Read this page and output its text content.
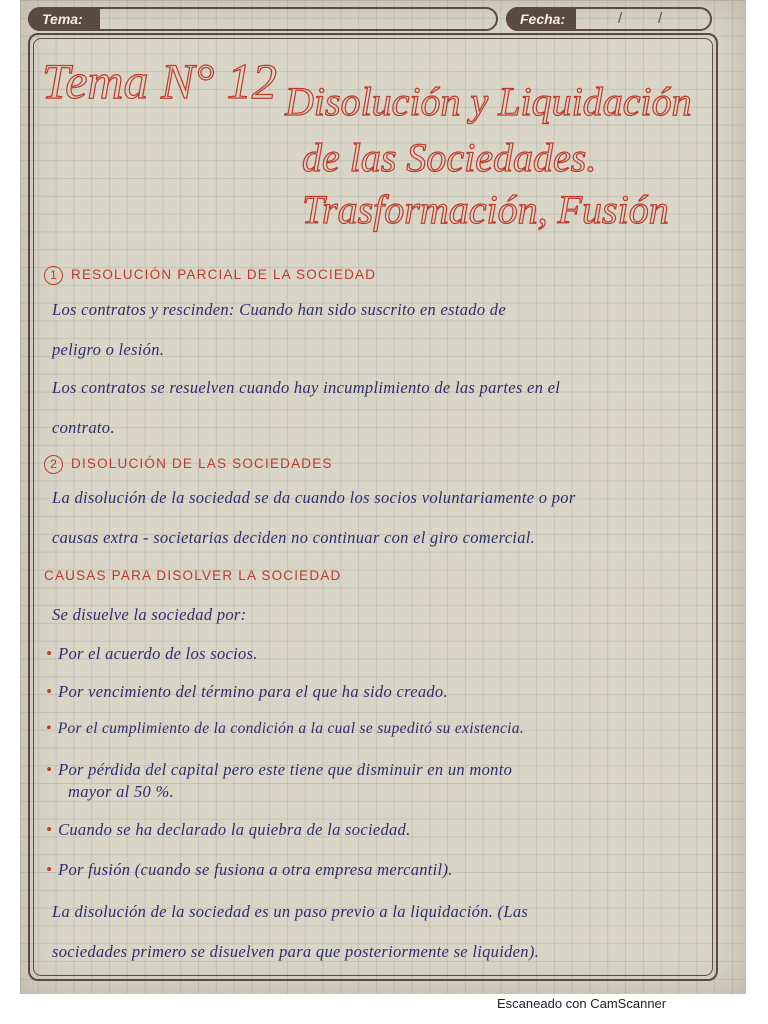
Tema:	Fecha:	/ /
Tema N° 12 Disolución y Liquidación
de las Sociedades.
Trasformación, Fusión
1 RESOLUCIÓN PARCIAL DE LA SOCIEDAD
Los contratos y rescinden: Cuando han sido suscrito en estado de
peligro o lesión.
Los contratos se resuelven cuando hay incumplimiento de las partes en el
contrato.
2 DISOLUCIÓN DE LAS SOCIEDADES
La disolución de la sociedad se da cuando los socios voluntariamente o por
causas extra - societarias deciden no continuar con el giro comercial.
CAUSAS PARA DISOLVER LA SOCIEDAD
Se disuelve la sociedad por:
• Por el acuerdo de los socios.
• Por vencimiento del término para el que ha sido creado.
• Por el cumplimiento de la condición a la cual se supeditó su existencia.
• Por pérdida del capital pero este tiene que disminuir en un monto
mayor al 50 %.
• Cuando se ha declarado la quiebra de la sociedad.
• Por fusión (cuando se fusiona a otra empresa mercantil).
La disolución de la sociedad es un paso previo a la liquidación. (Las
sociedades primero se disuelven para que posteriormente se liquiden).
Escaneado con CamScanner
